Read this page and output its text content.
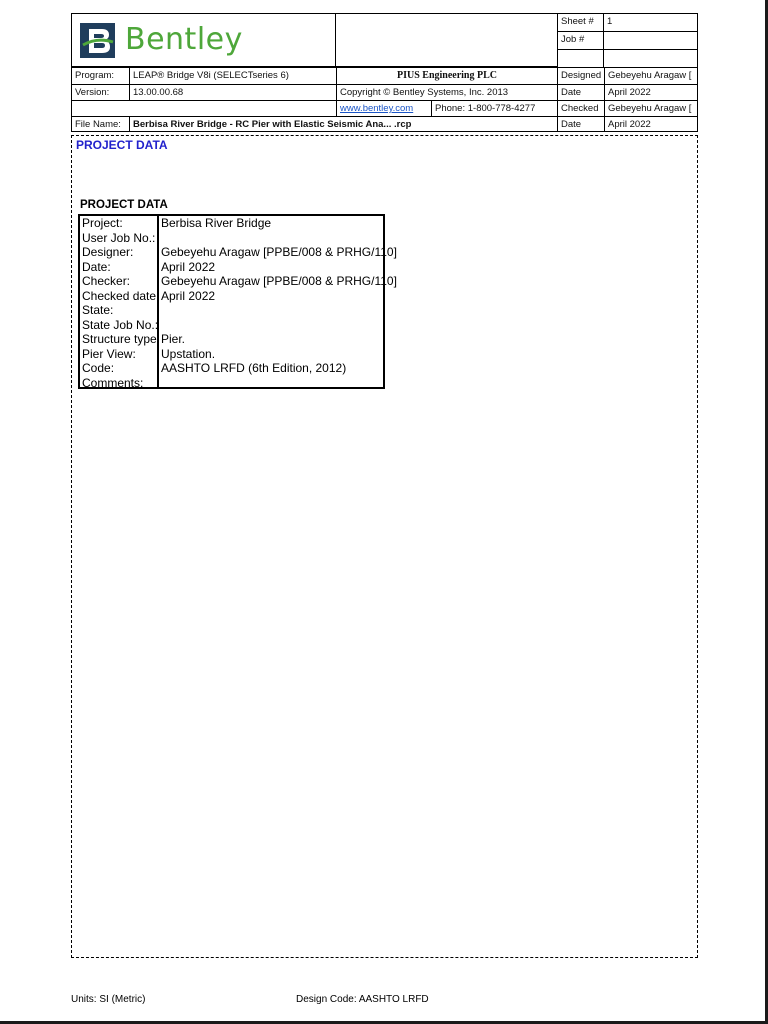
Bentley
Sheet #	1
Job #
Program:	LEAP® Bridge V8i (SELECTseries 6)	PIUS Engineering PLC	Designed Gebeyehu Aragaw [
Version:	13.00.00.68	Copyright © Bentley Systems, Inc. 2013	Date	April 2022
www.bentley.com	Phone: 1-800-778-4277	Checked	Gebeyehu Aragaw [
File Name:	Berbisa River Bridge - RC Pier with Elastic Seismic Ana... .rcp	Date	April 2022
PROJECT DATA
PROJECT DATA
Project:	Berbisa River Bridge
User Job No.:
Designer: Gebeyehu Aragaw [PPBE/008 & PRHG/110]
Date:	April 2022
Checker:	Gebeyehu Aragaw [PPBE/008 & PRHG/110]
Checked date: April 2022
State:
State Job No.:
Structure type: Pier.
Pier View: Upstation.
Code:	AASHTO LRFD (6th Edition, 2012)
Comments:
Units: SI (Metric)	Design Code: AASHTO LRFD
